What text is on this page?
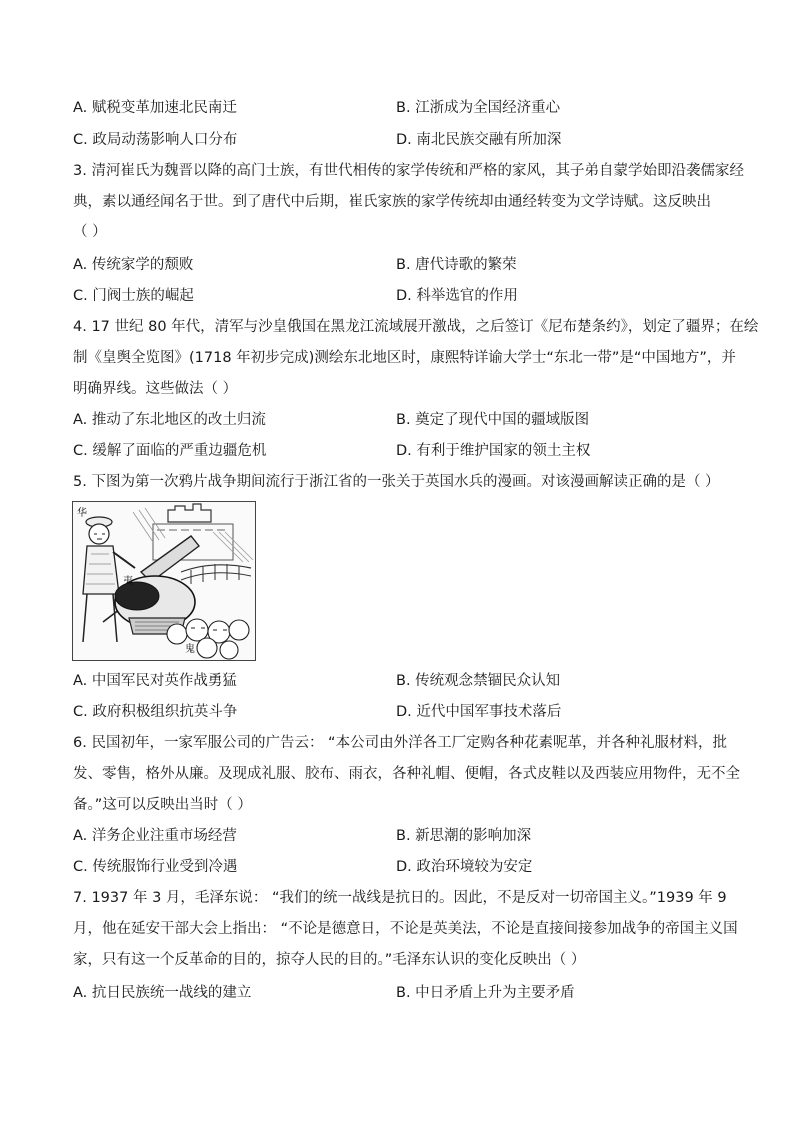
A. 赋税变革加速北民南迁	B. 江浙成为全国经济重心
C. 政局动荡影响人口分布	D. 南北民族交融有所加深
3. 清河崔氏为魏晋以降的高门士族，有世代相传的家学传统和严格的家风，其子弟自蒙学始即沿袭儒家经
典，素以通经闻名于世。到了唐代中后期，崔氏家族的家学传统却由通经转变为文学诗赋。这反映出
（ ）
A. 传统家学的颓败	B. 唐代诗歌的繁荣
C. 门阀士族的崛起	D. 科举选官的作用
4. 17 世纪 80 年代，清军与沙皇俄国在黑龙江流域展开激战，之后签订《尼布楚条约》，划定了疆界；在绘
制《皇舆全览图》(1718 年初步完成)测绘东北地区时，康熙特详谕大学士“东北一带”是“中国地方”，并
明确界线。这些做法（ ）
A. 推动了东北地区的改土归流	B. 奠定了现代中国的疆域版图
C. 缓解了面临的严重边疆危机	D. 有利于维护国家的领土主权
5. 下图为第一次鸦片战争期间流行于浙江省的一张关于英国水兵的漫画。对该漫画解读正确的是（ ）
华
夷
鬼
A. 中国军民对英作战勇猛	B. 传统观念禁锢民众认知
C. 政府积极组织抗英斗争	D. 近代中国军事技术落后
6. 民国初年，一家军服公司的广告云： “本公司由外洋各工厂定购各种花素呢革，并各种礼服材料，批
发、零售，格外从廉。及现成礼服、胶布、雨衣，各种礼帽、便帽，各式皮鞋以及西装应用物件，无不全
备。”这可以反映出当时（ ）
A. 洋务企业注重市场经营	B. 新思潮的影响加深
C. 传统服饰行业受到冷遇	D. 政治环境较为安定
7. 1937 年 3 月，毛泽东说： “我们的统一战线是抗日的。因此，不是反对一切帝国主义。”1939 年 9
月，他在延安干部大会上指出： “不论是德意日，不论是英美法，不论是直接间接参加战争的帝国主义国
家，只有这一个反革命的目的，掠夺人民的目的。”毛泽东认识的变化反映出（ ）
A. 抗日民族统一战线的建立	B. 中日矛盾上升为主要矛盾
